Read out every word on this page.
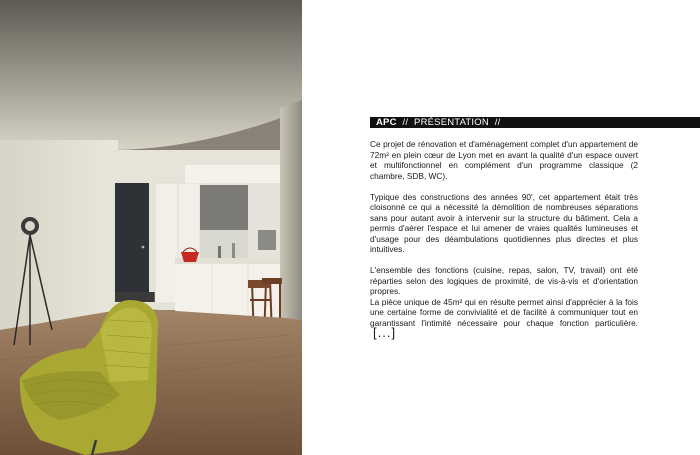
APC // PRÉSENTATION //

Ce projet de rénovation et d'aménagement complet d'un appartement de 72m² en plein cœur de Lyon met en avant la qualité d'un espace ouvert et multifonctionnel en complément d'un programme classique (2 chambre, SDB, WC).

Typique des constructions des années 90', cet appartement était très cloisonné ce qui a nécessité la démolition de nombreuses séparations sans pour autant avoir à intervenir sur la structure du bâtiment. Cela a permis d'aérer l'espace et lui amener de vraies qualités lumineuses et d'usage pour des déambulations quotidiennes plus directes et plus intuitives.

L'ensemble des fonctions (cuisine, repas, salon, TV, travail) ont été réparties selon des logiques de proximité, de vis-à-vis et d'orientation propres.

La pièce unique de 45m² qui en résulte permet ainsi d'apprécier à la fois une certaine forme de convivialité et de facilité à communiquer tout en garantissant l'intimité nécessaire pour chaque fonction particulière.[...]
